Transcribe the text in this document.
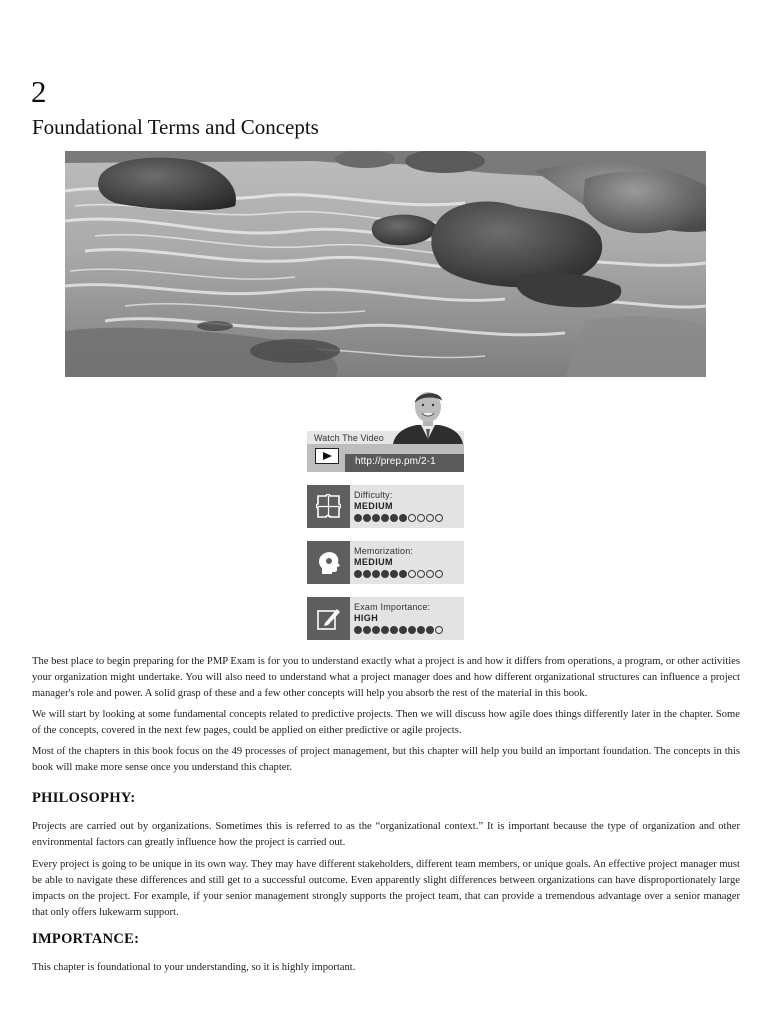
2
Foundational Terms and Concepts
Watch The Video
http://prep.pm/2-1
Difficulty:
MEDIUM
Memorization:
MEDIUM
Exam Importance:
HIGH

The best place to begin preparing for the PMP Exam is for you to understand exactly what a project is and how it differs from operations, a program, or other activities your organization might undertake. You will also need to understand what a project manager does and how different organizational structures can influence a project manager's role and power. A solid grasp of these and a few other concepts will help you absorb the rest of the material in this book.

We will start by looking at some fundamental concepts related to predictive projects. Then we will discuss how agile does things differently later in the chapter. Some of the concepts, covered in the next few pages, could be applied on either predictive or agile projects.

Most of the chapters in this book focus on the 49 processes of project management, but this chapter will help you build an important foundation. The concepts in this book will make more sense once you understand this chapter.

PHILOSOPHY:

Projects are carried out by organizations. Sometimes this is referred to as the “organizational context.” It is important because the type of organization and other environmental factors can greatly influence how the project is carried out.

Every project is going to be unique in its own way. They may have different stakeholders, different team members, or unique goals. An effective project manager must be able to navigate these differences and still get to a successful outcome. Even apparently slight differences between organizations can have disproportionately large impacts on the project. For example, if your senior management strongly supports the project team, that can provide a tremendous advantage over a senior manager that only offers lukewarm support.

IMPORTANCE:

This chapter is foundational to your understanding, so it is highly important.
